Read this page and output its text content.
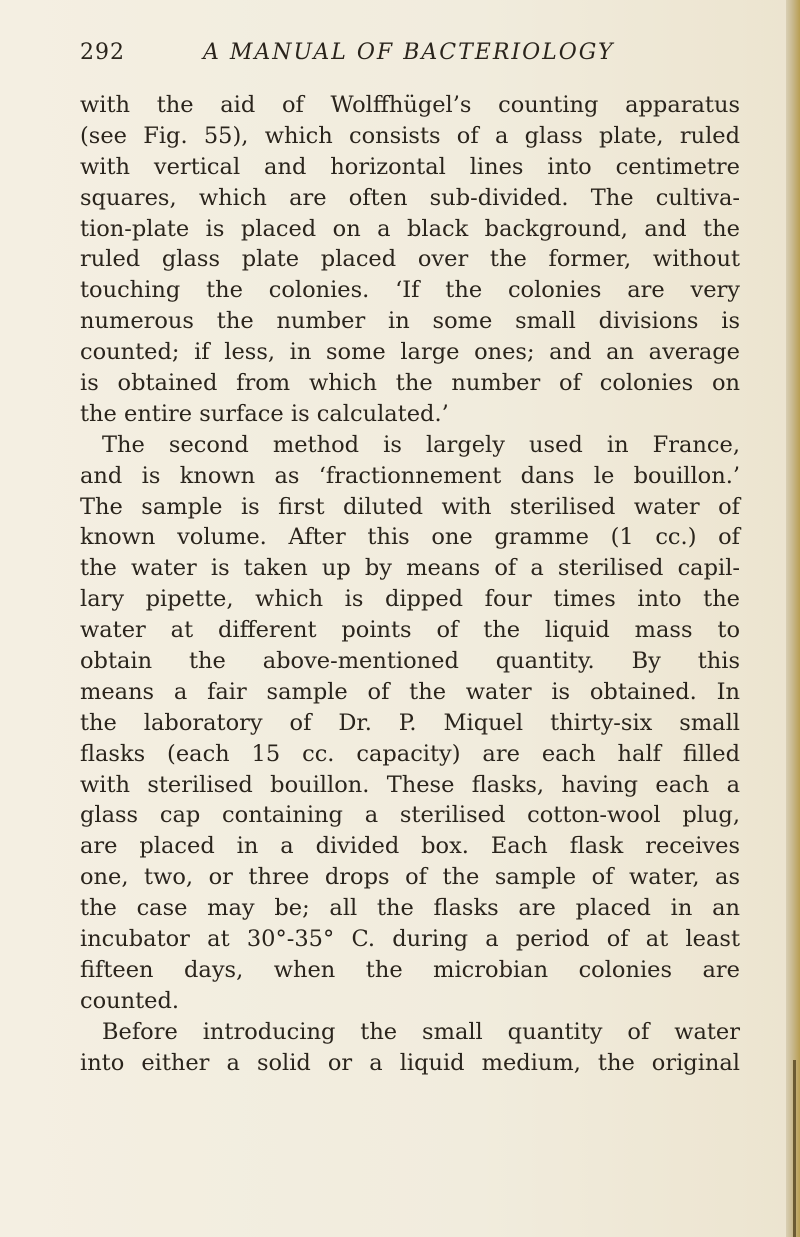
292	A MANUAL OF BACTERIOLOGY
with the aid of Wolffhügel’s counting apparatus
(see Fig. 55), which consists of a glass plate, ruled
with vertical and horizontal lines into centimetre
squares, which are often sub-divided. The cultiva-
tion-plate is placed on a black background, and the
ruled glass plate placed over the former, without
touching the colonies. ‘If the colonies are very
numerous the number in some small divisions is
counted; if less, in some large ones; and an average
is obtained from which the number of colonies on
the entire surface is calculated.’
The second method is largely used in France,
and is known as ‘fractionnement dans le bouillon.’
The sample is first diluted with sterilised water of
known volume. After this one gramme (1 cc.) of
the water is taken up by means of a sterilised capil-
lary pipette, which is dipped four times into the
water at different points of the liquid mass to
obtain the above-mentioned quantity. By this
means a fair sample of the water is obtained. In
the laboratory of Dr. P. Miquel thirty-six small
flasks (each 15 cc. capacity) are each half filled
with sterilised bouillon. These flasks, having each a
glass cap containing a sterilised cotton-wool plug,
are placed in a divided box. Each flask receives
one, two, or three drops of the sample of water, as
the case may be; all the flasks are placed in an
incubator at 30°-35° C. during a period of at least
fifteen days, when the microbian colonies are
counted.
Before introducing the small quantity of water
into either a solid or a liquid medium, the original
